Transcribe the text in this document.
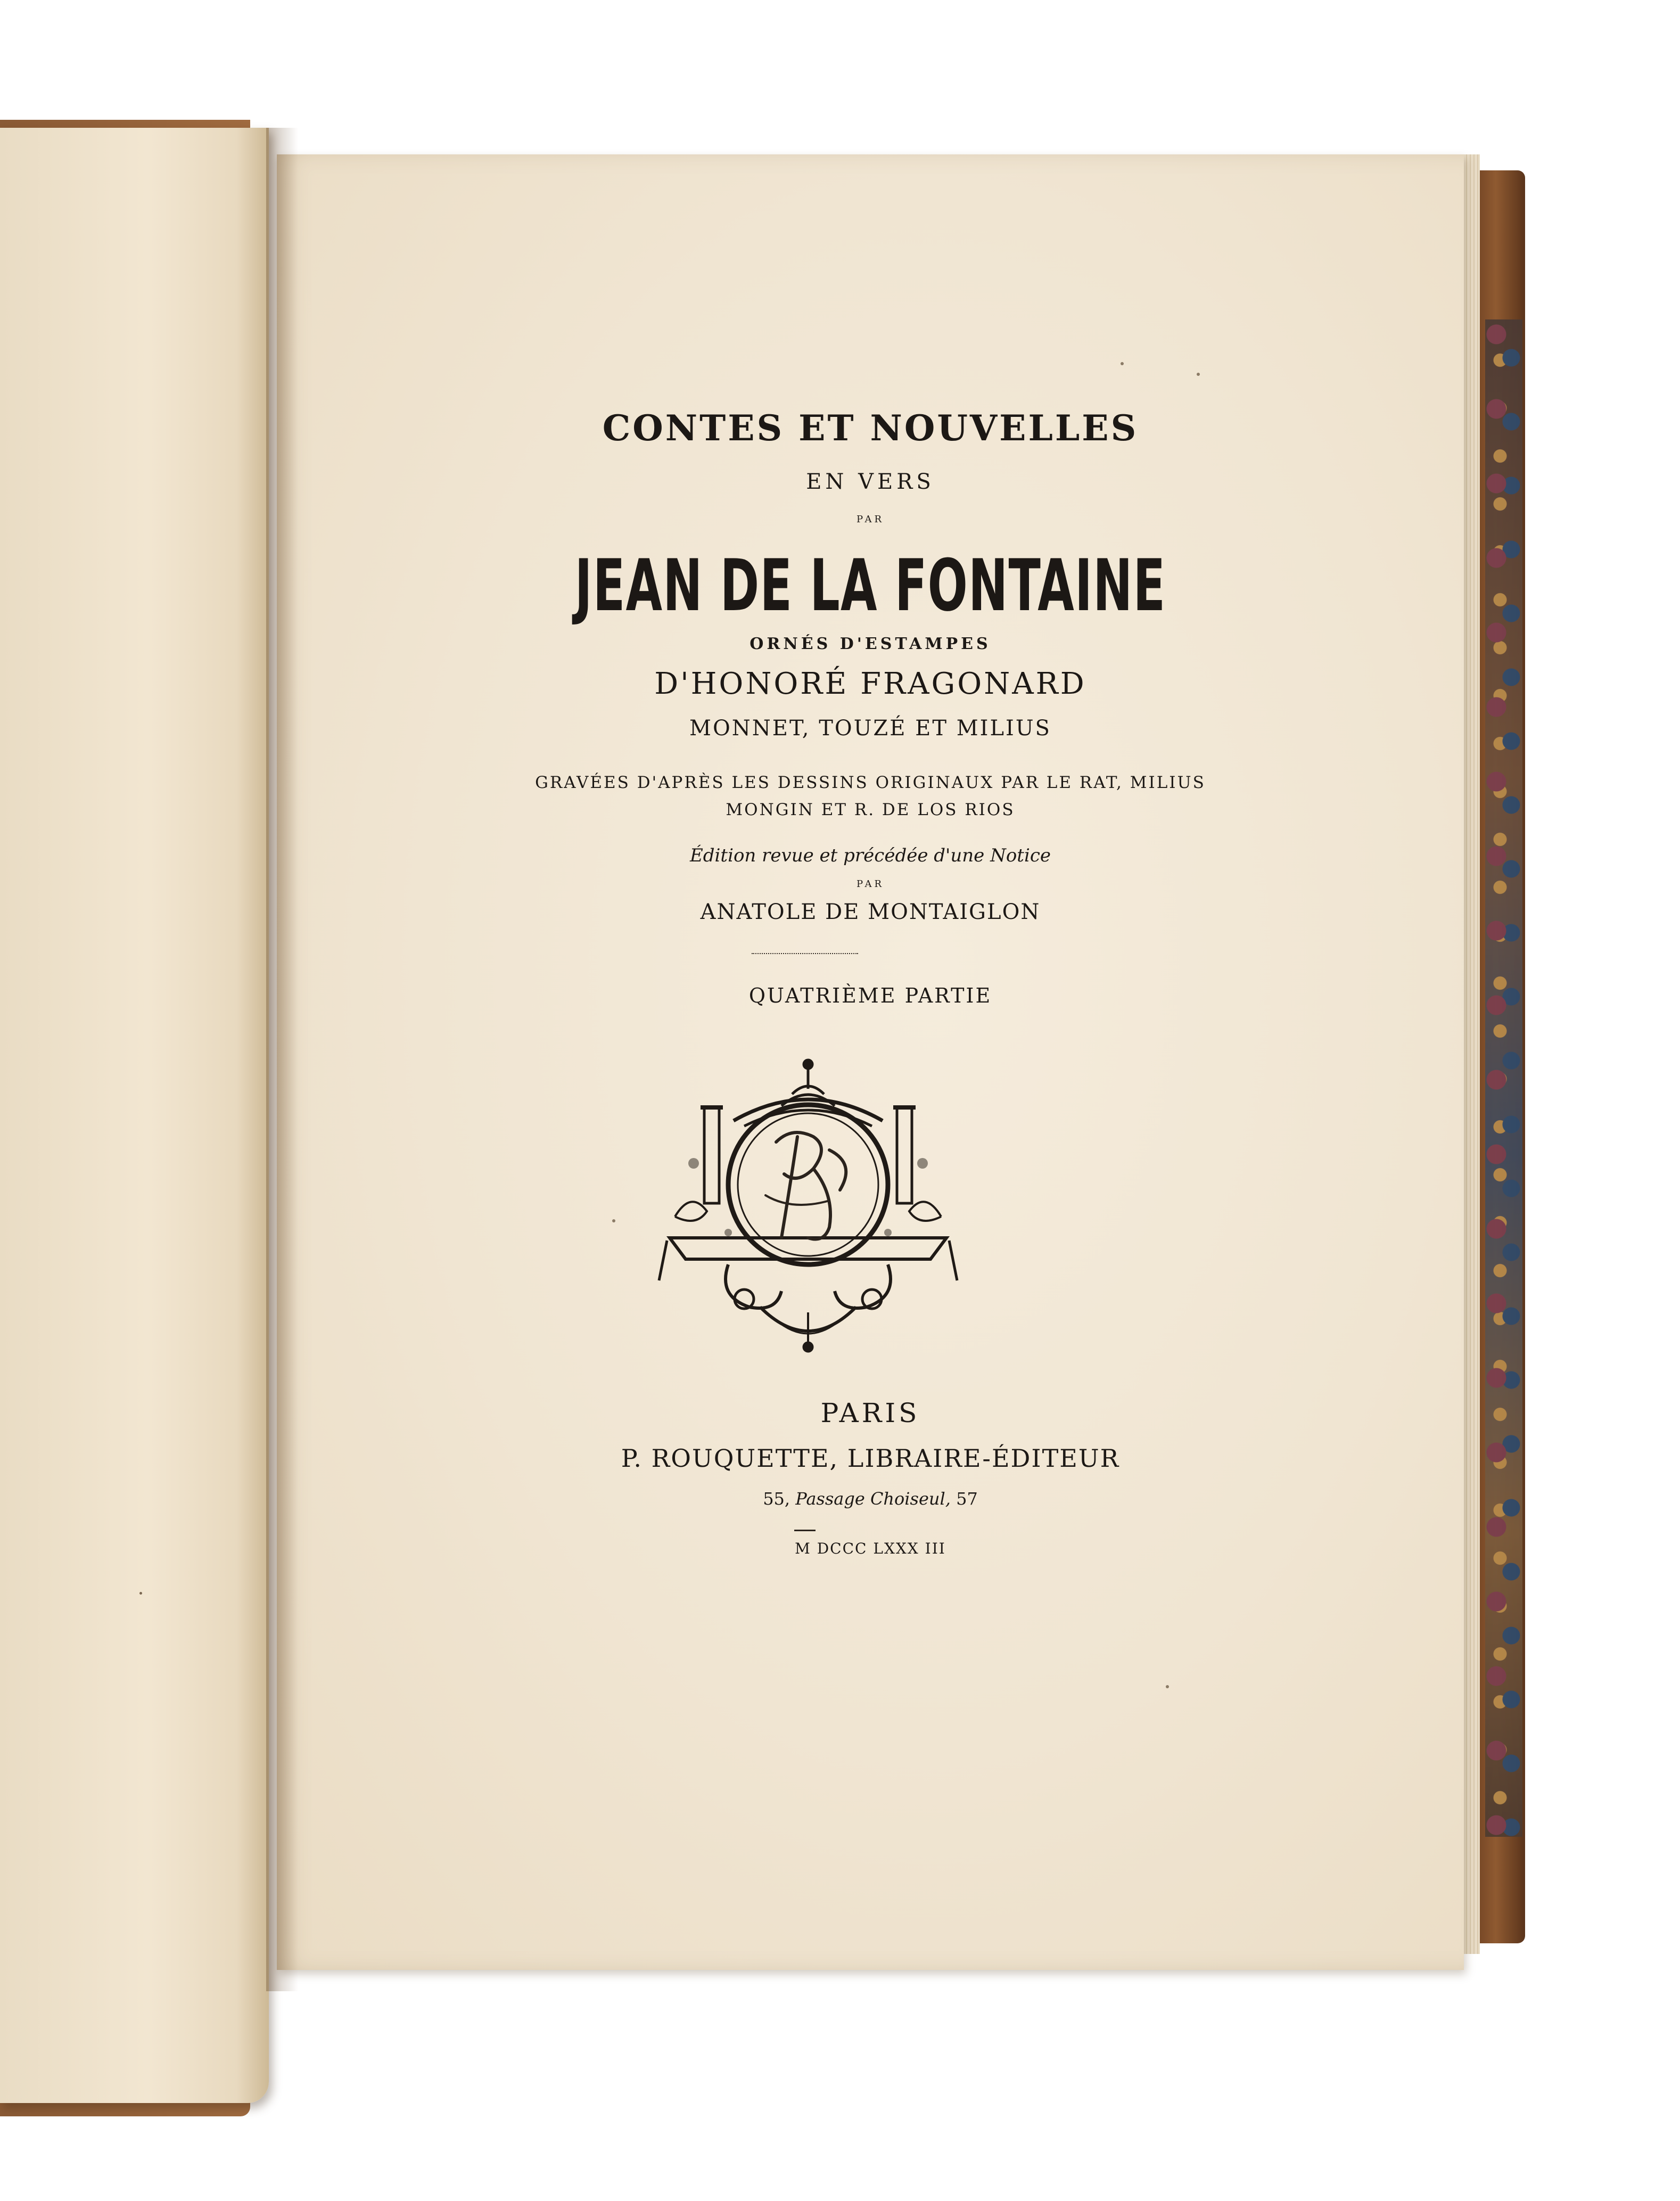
CONTES ET NOUVELLES
EN VERS
PAR
JEAN DE LA FONTAINE
ORNÉS D'ESTAMPES
D'HONORÉ FRAGONARD
MONNET, TOUZÉ ET MILIUS
GRAVÉES D'APRÈS LES DESSINS ORIGINAUX PAR LE RAT, MILIUS
MONGIN ET R. DE LOS RIOS
Édition revue et précédée d'une Notice
PAR
ANATOLE DE MONTAIGLON
QUATRIÈME PARTIE
PARIS
P. ROUQUETTE, LIBRAIRE-ÉDITEUR
55, Passage Choiseul, 57
M DCCC LXXX III
